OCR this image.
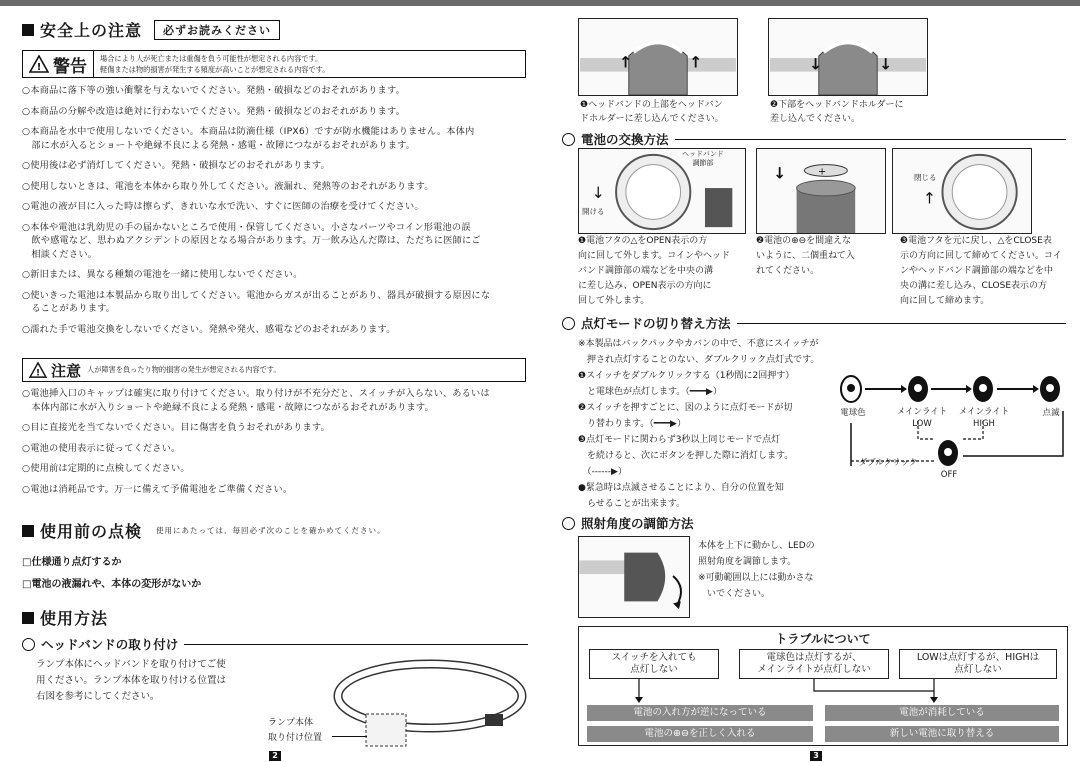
安全上の注意	必ずお読みください
! 警告 場合により人が死亡または重傷を負う可能性が想定される内容です。
軽傷または物的損害が発生する頻度が高いことが想定される内容です。
○本商品に落下等の強い衝撃を与えないでください。発熱・破損などのおそれがあります。
○本商品の分解や改造は絶対に行わないでください。発熱・破損などのおそれがあります。
○本商品を水中で使用しないでください。本商品は防滴仕様（IPX6）ですが防水機能はありません。本体内
　部に水が入るとショートや絶縁不良による発熱・感電・故障につながるおそれがあります。
○使用後は必ず消灯してください。発熱・破損などのおそれがあります。
○使用しないときは、電池を本体から取り外してください。液漏れ、発熱等のおそれがあります。
○電池の液が目に入った時は擦らず、きれいな水で洗い、すぐに医師の治療を受けてください。
○本体や電池は乳幼児の手の届かないところで使用・保管してください。小さなパーツやコイン形電池の誤
　飲や感電など、思わぬアクシデントの原因となる場合があります。万一飲み込んだ際は、ただちに医師にご
　相談ください。
○新旧または、異なる種類の電池を一緒に使用しないでください。
○使いきった電池は本製品から取り出してください。電池からガスが出ることがあり、器具が破損する原因にな
　ることがあります。
○濡れた手で電池交換をしないでください。発熱や発火、感電などのおそれがあります。
! 注意 人が障害を負ったり物的損害の発生が想定される内容です。
○電池挿入口のキャップは確実に取り付けてください。取り付けが不充分だと、スイッチが入らない、あるいは
　本体内部に水が入りショートや絶縁不良による発熱・感電・故障につながるおそれがあります。
○目に直接光を当てないでください。目に傷害を負うおそれがあります。
○電池の使用表示に従ってください。
○使用前は定期的に点検してください。
○電池は消耗品です。万一に備えて予備電池をご準備ください。
使用前の点検 使用にあたっては、毎回必ず次のことを確かめてください。
□仕様通り点灯するか
□電池の液漏れや、本体の変形がないか
使用方法
ヘッドバンドの取り付け
ランプ本体にヘッドバンドを取り付けてご使
用ください。ランプ本体を取り付ける位置は
右図を参考にしてください。
ランプ本体
取り付け位置
2
↑	↑	↓	↓
❶ヘッドバンドの上部をヘッドバン
ドホルダーに差し込んでください。
❷下部をヘッドバンドホルダーに
差し込んでください。
電池の交換方法
↓
ヘッドバンド
調節部
開ける
+
↓
↑
閉じる
❶電池フタの△をOPEN表示の方
向に回して外します。コインやヘッド
バンド調節部の端などを中央の溝
に差し込み、OPEN表示の方向に
回して外します。
❷電池の⊕⊖を間違えな
いように、二個重ねて入
れてください。
❸電池フタを元に戻し、△をCLOSE表
示の方向に回して締めてください。コイ
ンやヘッドバンド調節部の端などを中
央の溝に差し込み、CLOSE表示の方
向に回して締めます。
点灯モードの切り替え方法
※本製品はバックパックやカバンの中で、不意にスイッチが
　押され点灯することのない、ダブルクリック点灯式です。
❶スイッチをダブルクリックする（1秒間に2回押す）
　と電球色が点灯します。（━━━▶）
❷スイッチを押すごとに、図のように点灯モードが切
　り替わります。（━━━▶）
❸点灯モードに関わらず3秒以上同じモードで点灯
　を続けると、次にボタンを押した際に消灯します。
　（------▶）
●緊急時は点滅させることにより、自分の位置を知
　らせることが出来ます。
電球色	メインライト
LOW
メインライト
HIGH
点滅
OFF
ダブルクリック
照射角度の調節方法
本体を上下に動かし、LEDの
照射角度を調節します。
※可動範囲以上には動かさな
　いでください。
トラブルについて
スイッチを入れても
点灯しない
電球色は点灯するが、
メインライトが点灯しない
LOWは点灯するが、HIGHは
点灯しない
電池の入れ方が逆になっている	電池が消耗している
電池の⊕⊖を正しく入れる	新しい電池に取り替える
3
